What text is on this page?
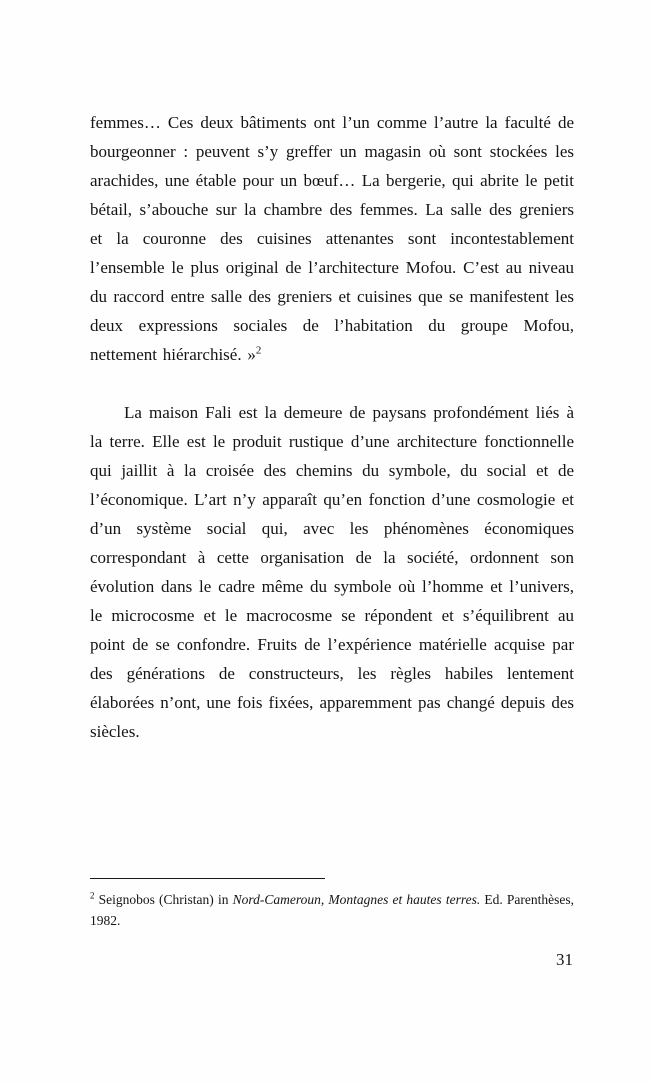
femmes… Ces deux bâtiments ont l’un comme l’autre la faculté de bourgeonner : peuvent s’y greffer un magasin où sont stockées les arachides, une étable pour un bœuf… La bergerie, qui abrite le petit bétail, s’abouche sur la chambre des femmes. La salle des greniers et la couronne des cuisines attenantes sont incontestablement l’ensemble le plus original de l’architecture Mofou. C’est au niveau du raccord entre salle des greniers et cuisines que se manifestent les deux expressions sociales de l’habitation du groupe Mofou, nettement hiérarchisé. »$^2$

La maison Fali est la demeure de paysans profondément liés à la terre. Elle est le produit rustique d’une architecture fonctionnelle qui jaillit à la croisée des chemins du symbole, du social et de l’économique. L’art n’y apparaît qu’en fonction d’une cosmologie et d’un système social qui, avec les phénomènes économiques correspondant à cette organisation de la société, ordonnent son évolution dans le cadre même du symbole où l’homme et l’univers, le microcosme et le macrocosme se répondent et s’équilibrent au point de se confondre. Fruits de l’expérience matérielle acquise par des générations de constructeurs, les règles habiles lentement élaborées n’ont, une fois fixées, apparemment pas changé depuis des siècles.

$^2$ Seignobos (Christan) in Nord-Cameroun, Montagnes et hautes terres. Ed. Parenthèses, 1982.

31
